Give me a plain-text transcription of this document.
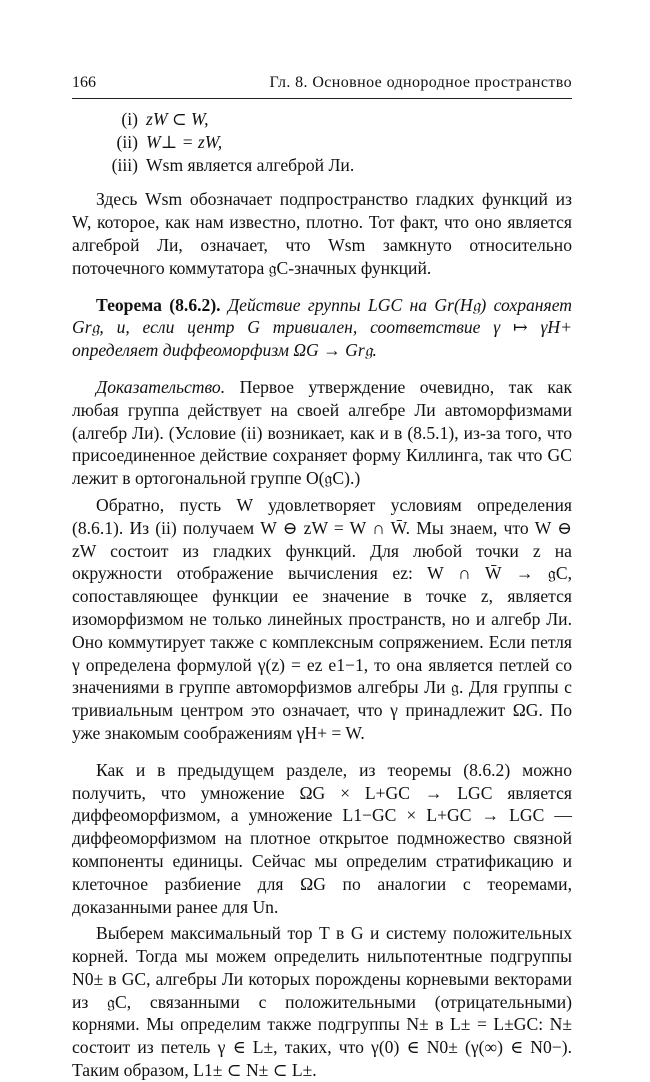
166	Гл. 8. Основное однородное пространство
(i) zW ⊂ W,
(ii) W⊥ = zW,
(iii) Wsm является алгеброй Ли.

Здесь Wsm обозначает подпространство гладких функций из W, которое, как нам известно, плотно. Тот факт, что оно является алгеброй Ли, означает, что Wsm замкнуто относительно поточечного коммутатора 𝔤C-значных функций.

Теорема (8.6.2). Действие группы LGC на Gr(H𝔤) сохраняет Gr𝔤, и, если центр G тривиален, соответствие γ ↦ γH+ определяет диффеоморфизм ΩG → Gr𝔤.

Доказательство. Первое утверждение очевидно, так как любая группа действует на своей алгебре Ли автоморфизмами (алгебр Ли). (Условие (ii) возникает, как и в (8.5.1), из-за того, что присоединенное действие сохраняет форму Киллинга, так что GC лежит в ортогональной группе O(𝔤C).)

Обратно, пусть W удовлетворяет условиям определения (8.6.1). Из (ii) получаем W ⊖ zW = W ∩ W̄. Мы знаем, что W ⊖ zW состоит из гладких функций. Для любой точки z на окружности отображение вычисления ez: W ∩ W̄ → 𝔤C, сопоставляющее функции ее значение в точке z, является изоморфизмом не только линейных пространств, но и алгебр Ли. Оно коммутирует также с комплексным сопряжением. Если петля γ определена формулой γ(z) = ez e1−1, то она является петлей со значениями в группе автоморфизмов алгебры Ли 𝔤. Для группы с тривиальным центром это означает, что γ принадлежит ΩG. По уже знакомым соображениям γH+ = W.

Как и в предыдущем разделе, из теоремы (8.6.2) можно получить, что умножение ΩG × L+GC → LGC является диффеоморфизмом, а умножение L1−GC × L+GC → LGC — диффеоморфизмом на плотное открытое подмножество связной компоненты единицы. Сейчас мы определим стратификацию и клеточное разбиение для ΩG по аналогии с теоремами, доказанными ранее для Un.

Выберем максимальный тор T в G и систему положительных корней. Тогда мы можем определить нильпотентные подгруппы N0± в GC, алгебры Ли которых порождены корневыми векторами из 𝔤C, связанными с положительными (отрицательными) корнями. Мы определим также подгруппы N± в L± = L±GC: N± состоит из петель γ ∈ L±, таких, что γ(0) ∈ N0± (γ(∞) ∈ N0−). Таким образом, L1± ⊂ N± ⊂ L±.
